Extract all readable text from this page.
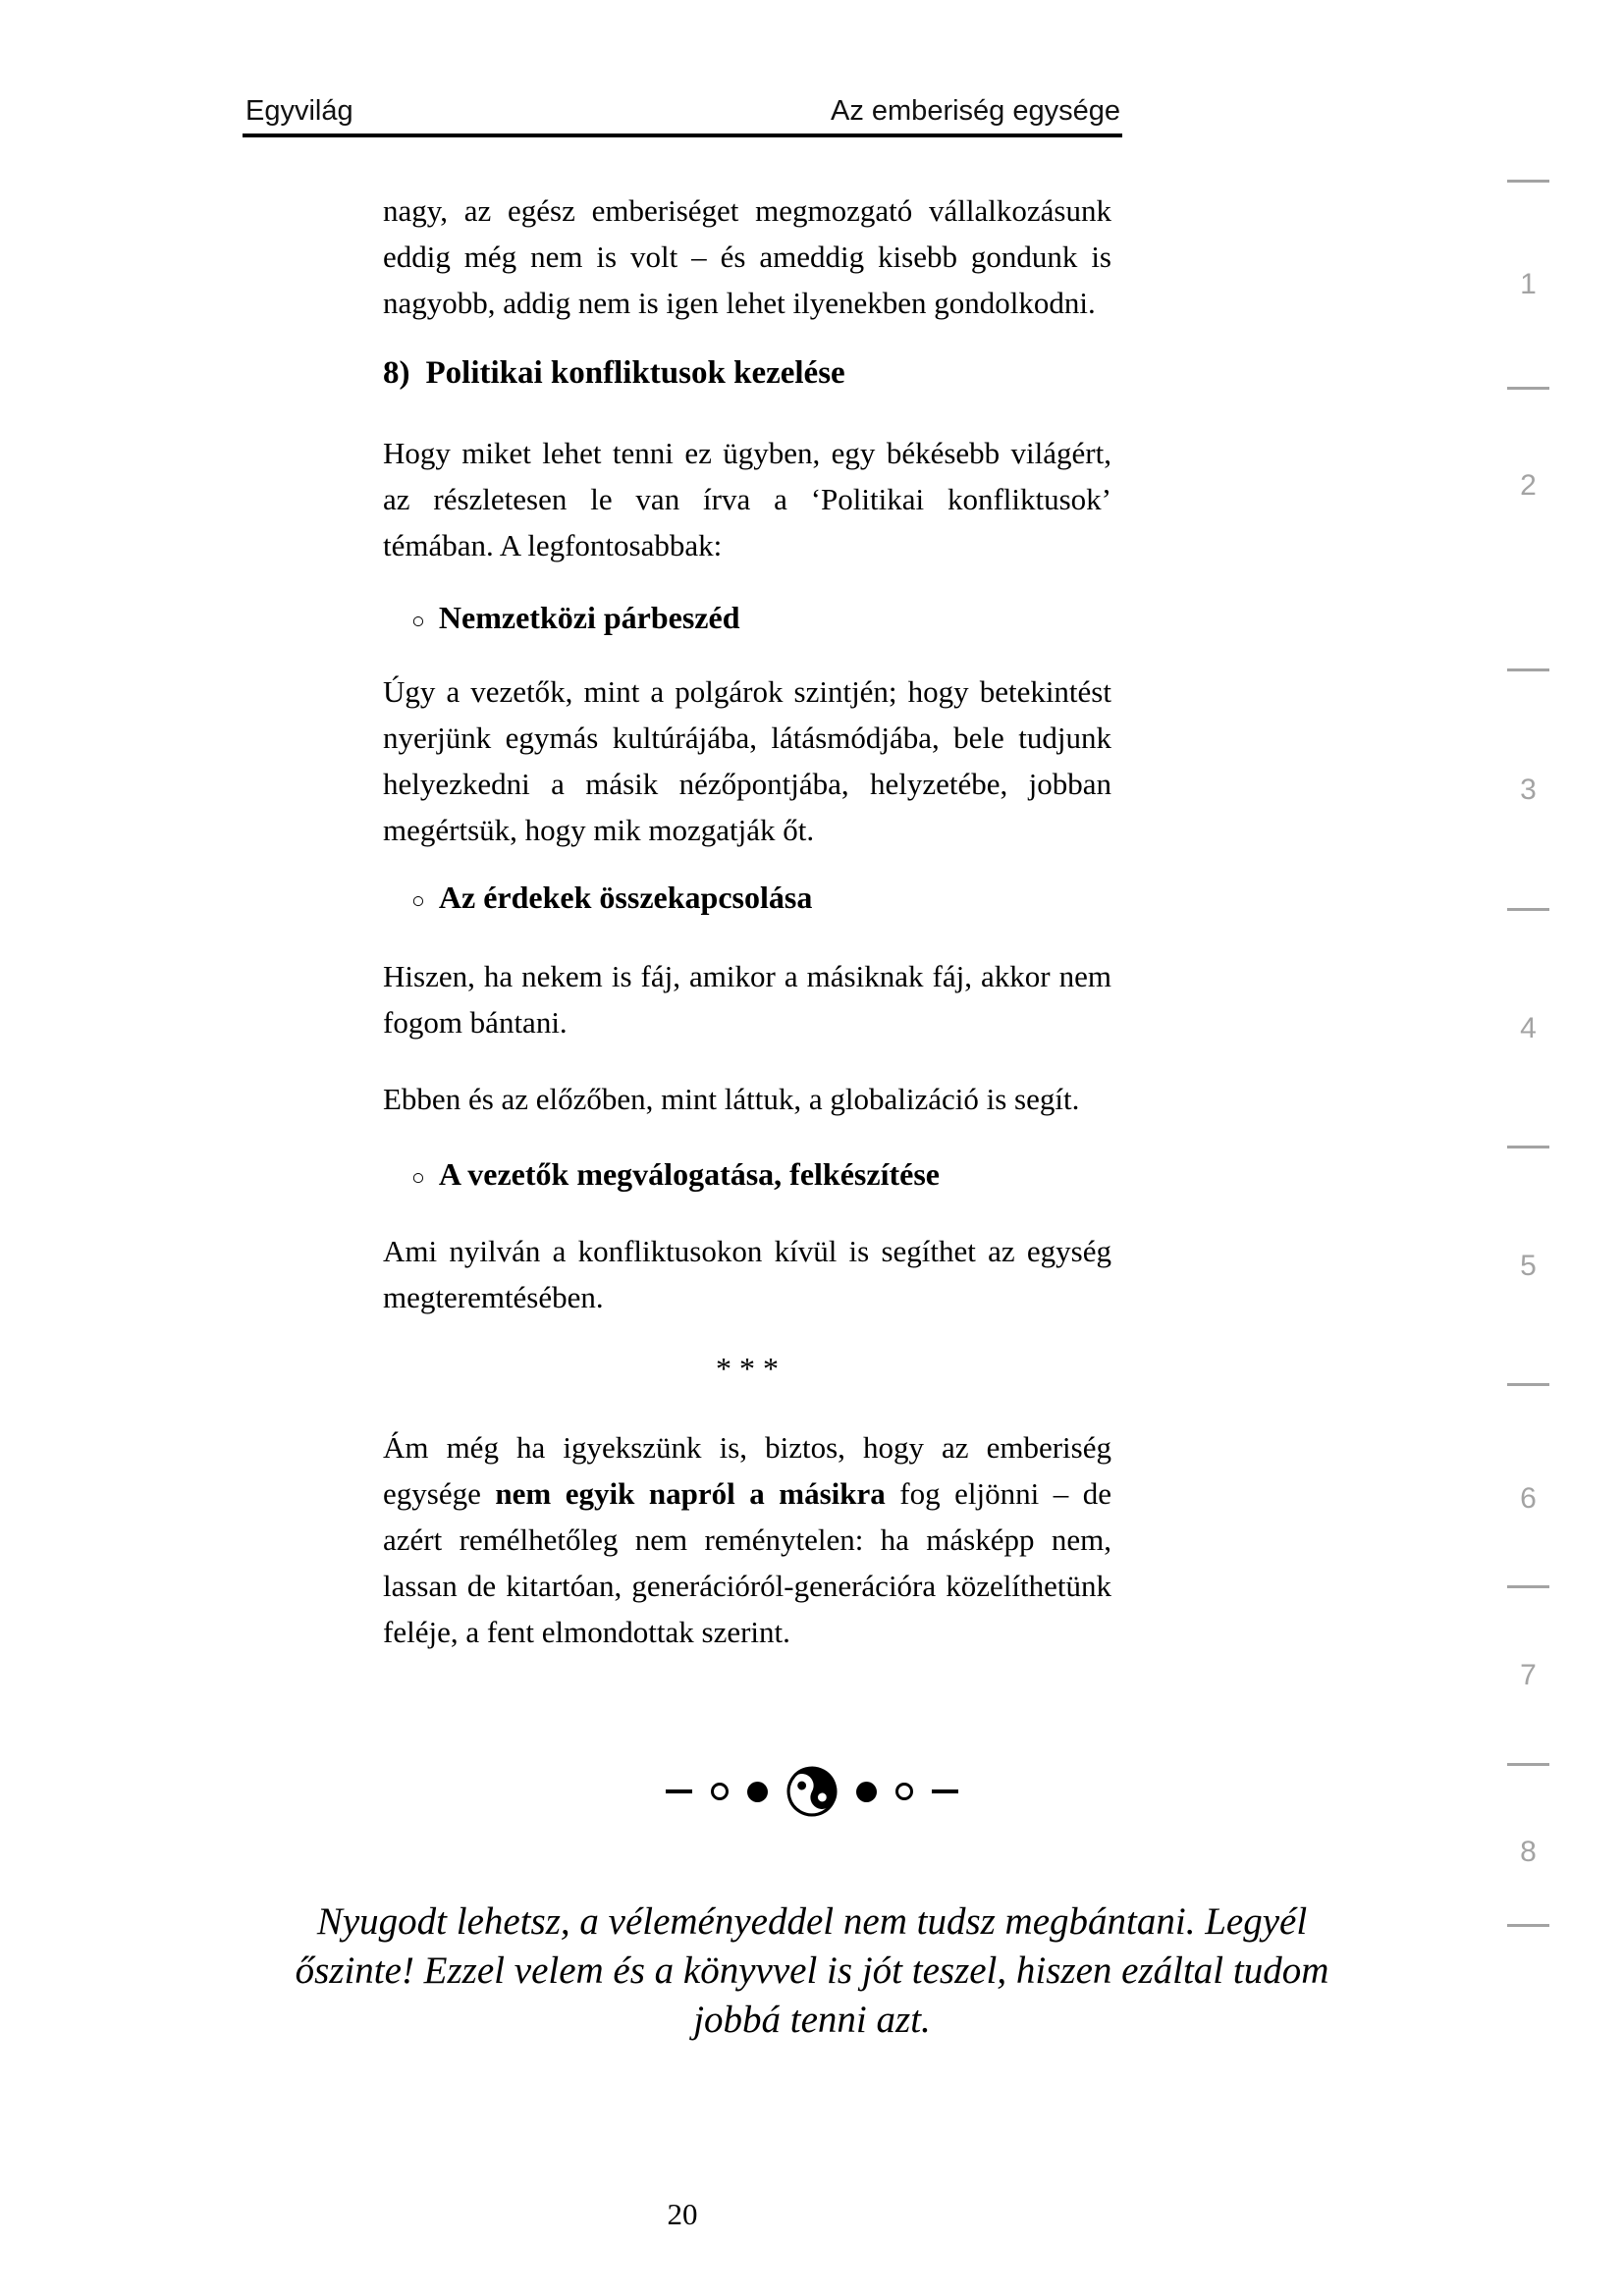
Egyvilág	Az emberiség egysége
nagy, az egész emberiséget megmozgató vállalkozásunk eddig még nem is volt – és ameddig kisebb gondunk is nagyobb, addig nem is igen lehet ilyenekben gondolkodni.
8) Politikai konfliktusok kezelése
Hogy miket lehet tenni ez ügyben, egy békésebb világért, az részletesen le van írva a ‘Politikai konfliktusok’ témában. A legfontosabbak:
○ Nemzetközi párbeszéd
Úgy a vezetők, mint a polgárok szintjén; hogy betekintést nyerjünk egymás kultúrájába, látásmódjába, bele tudjunk helyezkedni a másik nézőpontjába, helyzetébe, jobban megértsük, hogy mik mozgatják őt.
○ Az érdekek összekapcsolása
Hiszen, ha nekem is fáj, amikor a másiknak fáj, akkor nem fogom bántani.
Ebben és az előzőben, mint láttuk, a globalizáció is segít.
○ A vezetők megválogatása, felkészítése
Ami nyilván a konfliktusokon kívül is segíthet az egység megteremtésében.
* * *
Ám még ha igyekszünk is, biztos, hogy az emberiség egysége nem egyik napról a másikra fog eljönni – de azért remélhetőleg nem reménytelen: ha másképp nem, lassan de kitartóan, generációról-generációra közelíthetünk feléje, a fent elmondottak szerint.
Nyugodt lehetsz, a véleményeddel nem tudsz megbántani. Legyél
őszinte! Ezzel velem és a könyvvel is jót teszel, hiszen ezáltal tudom
jobbá tenni azt.
20
1
2
3
4
5
6
7
8
